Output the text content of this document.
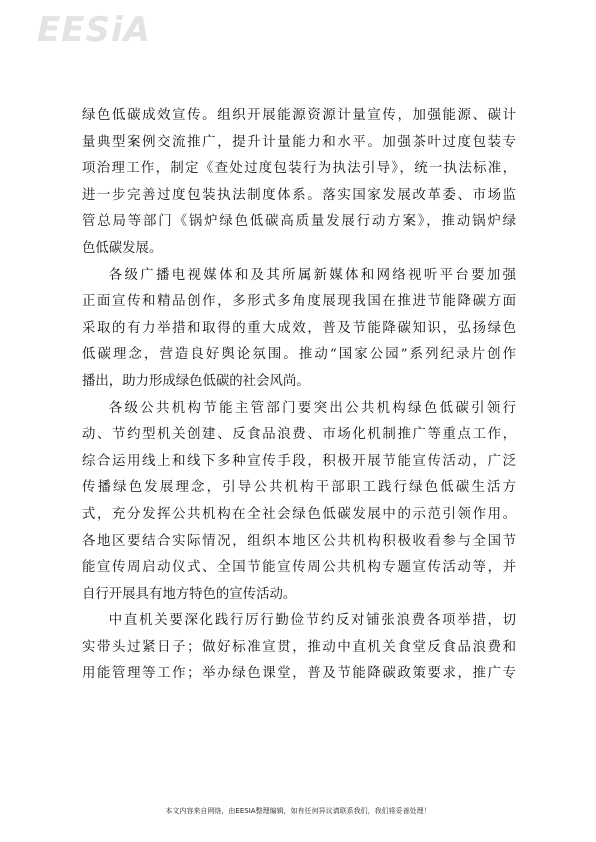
EESiA
绿色低碳成效宣传。组织开展能源资源计量宣传，加强能源、碳计
量典型案例交流推广，提升计量能力和水平。加强茶叶过度包装专
项治理工作，制定《查处过度包装行为执法引导》，统一执法标准，
进一步完善过度包装执法制度体系。落实国家发展改革委、市场监
管总局等部门《锅炉绿色低碳高质量发展行动方案》，推动锅炉绿
色低碳发展。
各级广播电视媒体和及其所属新媒体和网络视听平台要加强
正面宣传和精品创作，多形式多角度展现我国在推进节能降碳方面
采取的有力举措和取得的重大成效，普及节能降碳知识，弘扬绿色
低碳理念，营造良好舆论氛围。推动“国家公园”系列纪录片创作
播出，助力形成绿色低碳的社会风尚。
各级公共机构节能主管部门要突出公共机构绿色低碳引领行
动、节约型机关创建、反食品浪费、市场化机制推广等重点工作，
综合运用线上和线下多种宣传手段，积极开展节能宣传活动，广泛
传播绿色发展理念，引导公共机构干部职工践行绿色低碳生活方
式，充分发挥公共机构在全社会绿色低碳发展中的示范引领作用。
各地区要结合实际情况，组织本地区公共机构积极收看参与全国节
能宣传周启动仪式、全国节能宣传周公共机构专题宣传活动等，并
自行开展具有地方特色的宣传活动。
中直机关要深化践行厉行勤俭节约反对铺张浪费各项举措，切
实带头过紧日子；做好标准宣贯，推动中直机关食堂反食品浪费和
用能管理等工作；举办绿色课堂，普及节能降碳政策要求，推广专
本文内容来自网络，由EESIA整理编辑，如有任何异议请联系我们，我们将妥善处理！
